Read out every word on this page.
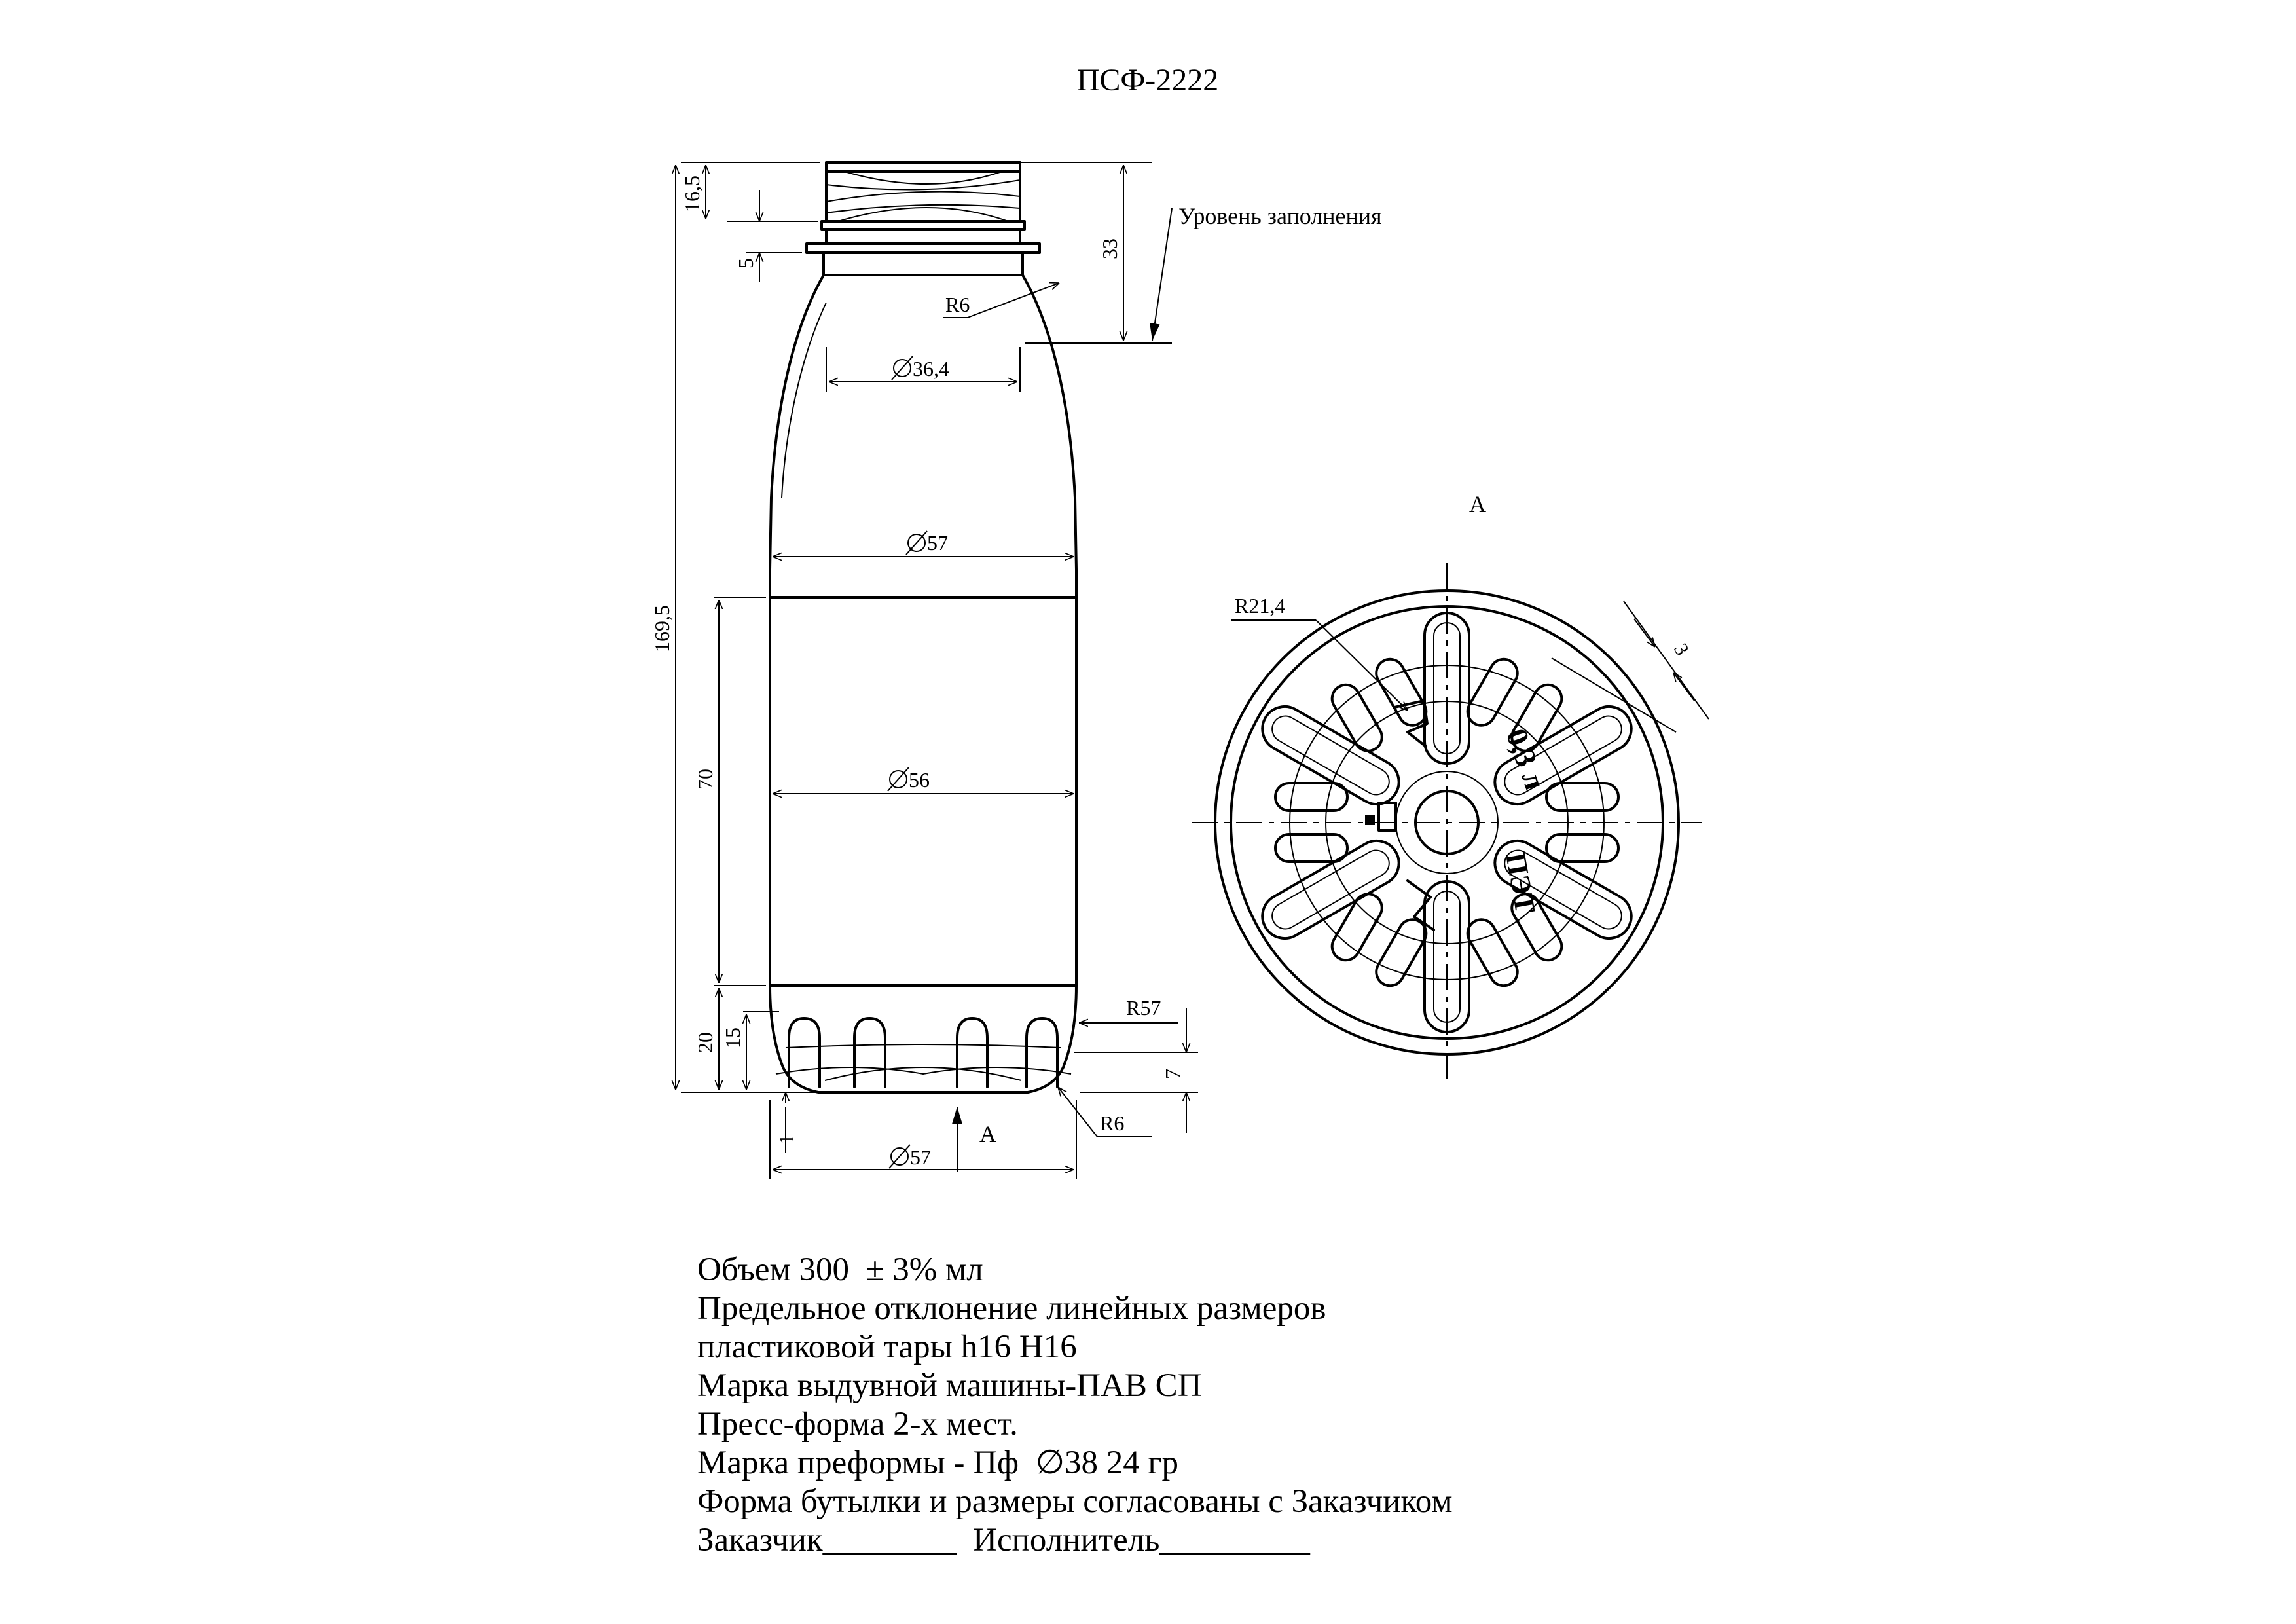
ПСФ-2222
169,5
16,5
5
70
20 15
33
7
1
Уровень заполнения
R6
36,4
57
56
57
R57
R6
А
А
0,3 л
ПЭТ
R21,4
3
Объем 300  ± 3% мл
Предельное отклонение линейных размеров
пластиковой тары h16 H16
Марка выдувной машины-ПАВ СП
Пресс-форма 2-х мест.
Марка преформы - Пф  ∅38 24 гр
Форма бутылки и размеры согласованы с Заказчиком
Заказчик________  Исполнитель_________
